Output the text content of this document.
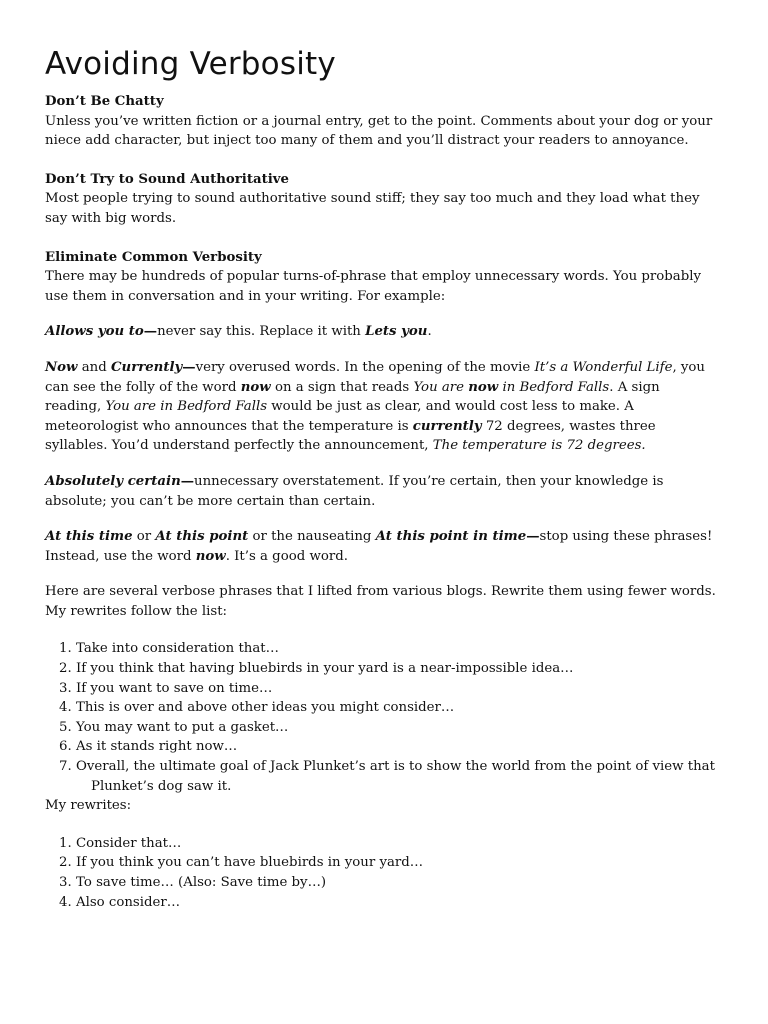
Avoiding Verbosity
Don’t Be Chatty

Unless you’ve written fiction or a journal entry, get to the point. Comments about your dog or your niece add character, but inject too many of them and you’ll distract your readers to annoyance.

Don’t Try to Sound Authoritative

Most people trying to sound authoritative sound stiff; they say too much and they load what they say with big words.

Eliminate Common Verbosity

There may be hundreds of popular turns-of-phrase that employ unnecessary words. You probably use them in conversation and in your writing. For example:

Allows you to—never say this. Replace it with Lets you.

Now and Currently—very overused words. In the opening of the movie It’s a Wonderful Life, you can see the folly of the word now on a sign that reads You are now in Bedford Falls. A sign reading, You are in Bedford Falls would be just as clear, and would cost less to make. A meteorologist who announces that the temperature is currently 72 degrees, wastes three syllables. You’d understand perfectly the announcement, The temperature is 72 degrees.

Absolutely certain—unnecessary overstatement. If you’re certain, then your knowledge is absolute; you can’t be more certain than certain.

At this time or At this point or the nauseating At this point in time—stop using these phrases! Instead, use the word now. It’s a good word.

Here are several verbose phrases that I lifted from various blogs. Rewrite them using fewer words. My rewrites follow the list:

1. Take into consideration that…
2. If you think that having bluebirds in your yard is a near-impossible idea…
3. If you want to save on time…
4. This is over and above other ideas you might consider…
5. You may want to put a gasket…
6. As it stands right now…
7. Overall, the ultimate goal of Jack Plunket’s art is to show the world from the point of view that Plunket’s dog saw it.

My rewrites:

1. Consider that…
2. If you think you can’t have bluebirds in your yard…
3. To save time… (Also: Save time by…)
4. Also consider…
